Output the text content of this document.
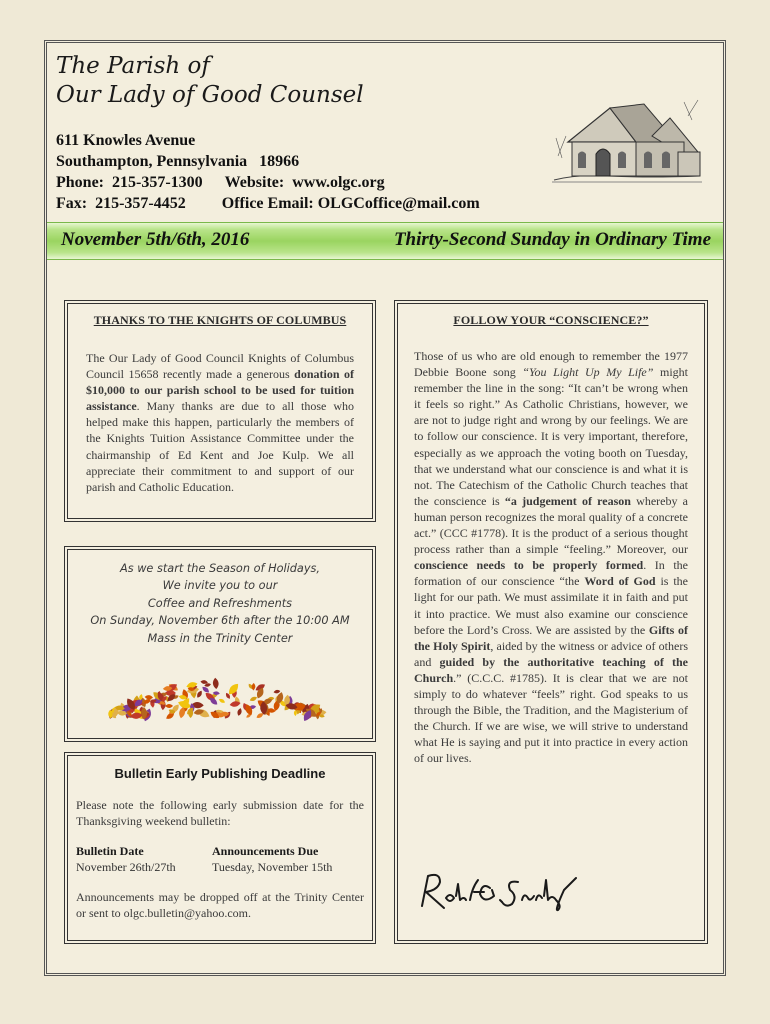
The Parish of
Our Lady of Good Counsel
611 Knowles Avenue
Southampton, Pennsylvania   18966
Phone:  215-357-1300 Website:  www.olgc.org
Fax:  215-357-4452 Office Email: OLGCoffice@mail.com
November 5th/6th, 2016	Thirty-Second Sunday in Ordinary Time
THANKS TO THE KNIGHTS OF COLUMBUS
The Our Lady of Good Council Knights of Columbus Council 15658 recently made a generous donation of $10,000 to our parish school to be used for tuition assistance. Many thanks are due to all those who helped make this happen, particularly the members of the Knights Tuition Assistance Committee under the chairmanship of Ed Kent and Joe Kulp. We all appreciate their commitment to and support of our parish and Catholic Education.
As we start the Season of Holidays,
We invite you to our
Coffee and Refreshments
On Sunday, November 6th after the 10:00 AM
Mass in the Trinity Center
Bulletin Early Publishing Deadline
Please note the following early submission date for the Thanksgiving weekend bulletin:
Bulletin Date	Announcements Due
November 26th/27th	Tuesday, November 15th
Announcements may be dropped off at the Trinity Center or sent to olgc.bulletin@yahoo.com.
FOLLOW YOUR “CONSCIENCE?”
Those of us who are old enough to remember the 1977 Debbie Boone song “You Light Up My Life” might remember the line in the song: “It can’t be wrong when it feels so right.” As Catholic Christians, however, we are not to judge right and wrong by our feelings. We are to follow our conscience. It is very important, therefore, especially as we approach the voting booth on Tuesday, that we understand what our conscience is and what it is not. The Catechism of the Catholic Church teaches that the conscience is “a judgement of reason whereby a human person recognizes the moral quality of a concrete act.” (CCC #1778). It is the product of a serious thought process rather than a simple “feeling.” Moreover, our conscience needs to be properly formed. In the formation of our conscience “the Word of God is the light for our path. We must assimilate it in faith and put it into practice. We must also examine our conscience before the Lord’s Cross. We are assisted by the Gifts of the Holy Spirit, aided by the witness or advice of others and guided by the authoritative teaching of the Church.” (C.C.C. #1785). It is clear that we are not simply to do whatever “feels” right. God speaks to us through the Bible, the Tradition, and the Magisterium of the Church. If we are wise, we will strive to understand what He is saying and put it into practice in every action of our lives.
